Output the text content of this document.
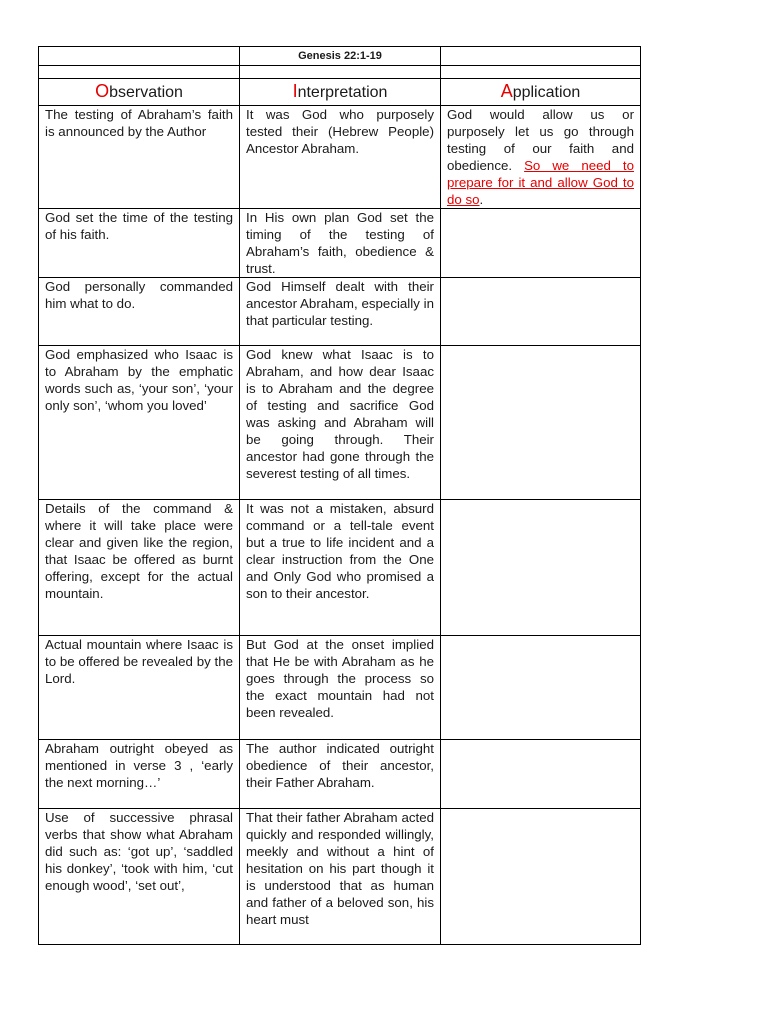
	Genesis 22:1-19	

Observation	Interpretation	Application
The testing of Abraham’s faith is announced by the Author	It was God who purposely tested their (Hebrew People) Ancestor Abraham.	God would allow us or purposely let us go through testing of our faith and obedience. So we need to prepare for it and allow God to do so.
God set the time of the testing of his faith.	In His own plan God set the timing of the testing of Abraham’s faith, obedience & trust.	
God personally commanded him what to do.	God Himself dealt with their ancestor Abraham, especially in that particular testing.	
God emphasized who Isaac is to Abraham by the emphatic words such as, ‘your son’, ‘your only son’, ‘whom you loved’	God knew what Isaac is to Abraham, and how dear Isaac is to Abraham and the degree of testing and sacrifice God was asking and Abraham will be going through. Their ancestor had gone through the severest testing of all times.	
Details of the command & where it will take place were clear and given like the region, that Isaac be offered as burnt offering, except for the actual mountain.	It was not a mistaken, absurd command or a tell-tale event but a true to life incident and a clear instruction from the One and Only God who promised a son to their ancestor.	
Actual mountain where Isaac is to be offered be revealed by the Lord.	But God at the onset implied that He be with Abraham as he goes through the process so the exact mountain had not been revealed.	
Abraham outright obeyed as mentioned in verse 3 , ‘early the next morning…’	The author indicated outright obedience of their ancestor, their Father Abraham.	
Use of successive phrasal verbs that show what Abraham did such as: ‘got up’, ‘saddled his donkey’, ‘took with him, ‘cut enough wood’, ‘set out’,	That their father Abraham acted quickly and responded willingly, meekly and without a hint of hesitation on his part though it is understood that as human and father of a beloved son, his heart must	
